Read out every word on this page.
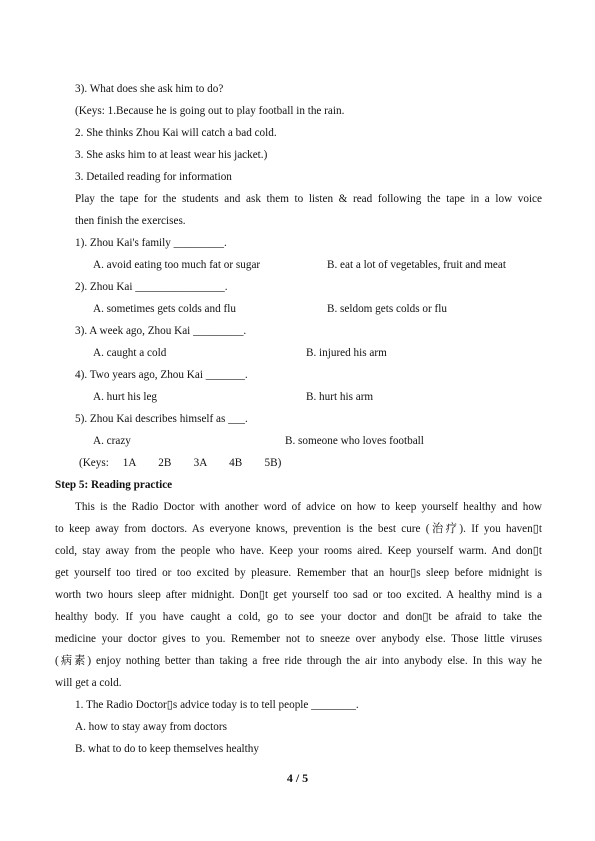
3). What does she ask him to do?
(Keys: 1.Because he is going out to play football in the rain.
2. She thinks Zhou Kai will catch a bad cold.
3. She asks him to at least wear his jacket.)
3. Detailed reading for information
Play the tape for the students and ask them to listen & read following the tape in a low voice
then finish the exercises.
1). Zhou Kai's family _________.
A. avoid eating too much fat or sugar	B. eat a lot of vegetables, fruit and meat
2). Zhou Kai ________________.
A. sometimes gets colds and flu	B. seldom gets colds or flu
3). A week ago, Zhou Kai _________.
A. caught a cold	B. injured his arm
4). Two years ago, Zhou Kai _______.
A. hurt his leg	B. hurt his arm
5). Zhou Kai describes himself as ___.
A. crazy	B. someone who loves football
(Keys:     1A        2B        3A        4B        5B)
Step 5: Reading practice
This is the Radio Doctor with another word of advice on how to keep yourself healthy and how
to keep away from doctors. As everyone knows, prevention is the best cure (治疗). If you haven▯t
cold, stay away from the people who have. Keep your rooms aired. Keep yourself warm. And don▯t
get yourself too tired or too excited by pleasure. Remember that an hour▯s sleep before midnight is
worth two hours sleep after midnight. Don▯t get yourself too sad or too excited. A healthy mind is a
healthy body. If you have caught a cold, go to see your doctor and don▯t be afraid to take the
medicine your doctor gives to you. Remember not to sneeze over anybody else. Those little viruses
(病素) enjoy nothing better than taking a free ride through the air into anybody else. In this way he
will get a cold.
1. The Radio Doctor▯s advice today is to tell people ________.
A. how to stay away from doctors
B. what to do to keep themselves healthy
4 / 5
